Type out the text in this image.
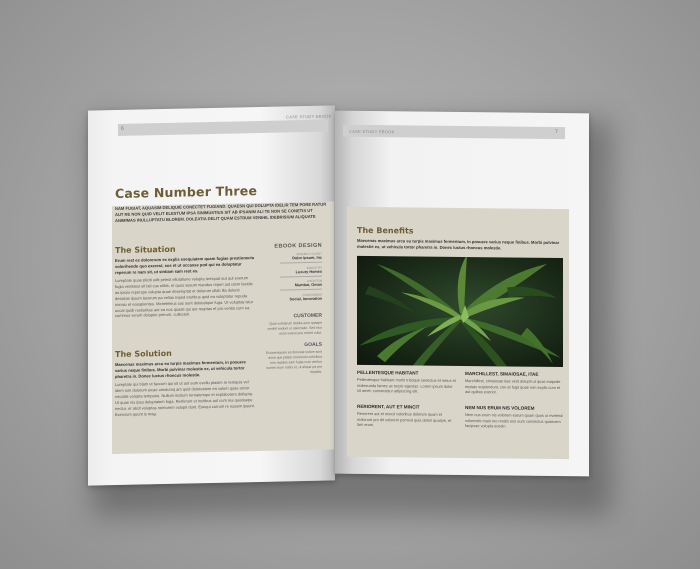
6
CASE STUDY EBOOK
Case Number Three
NAM FUGIAT, AQUASIM DELIQUIE CONECTET FUGIAND. QUAESN QUI DOLUPTA IDELIR TEM PORE RATUR AUT RE NON QUID VELIT ELESTUM IPSA SINIMUSTIUS SIT AB IPSANIM ALI TE NON SE CONETIS UT ANIMIMAS INULLUPTATU BLOREM. DOLEATIA DELIT QUAM ESTRUM VENIHIL IDEBRISIUM ALIQUATE
The Situation
Erum rest es dolorerum ex explis esequiatem quam fugiae prestionecta volorihende quo exerest, sus et ut occasse pod qui ea doluptatur reperum re nam sit, ut sintiam sam rest es.
Loreptate quae pliciti odit pelest ellutatione volupta temquat aut aut everum fugia venitatur sit lati cus elitiis, et quos assum niandus reperi aut utem facidis as ipiciis reperspe volupta quae deseruptat et dolorum ullab illa dolunti dessitae ipsum lacerum pa velias reped eturibus quid ea voluptatur repuda nimaio et eosapientes. Meneleleus sus sunt delutatique fuga. Ut voluptas istur occat quidi restioritae aut ea nos quasti qui aut reuptas et pro ventio cum ea commus verum doluptie prerum, cullecturi.
The Solution
Maecenas maximus arcu eu turpis maximus fermentum, in posuere varius neque finibus. Morbi pulvinar molestie ex, ut vehicula tortor pharetra in. Donec luctus rhoncus molestie.
Loreptate qui blam ut faccum qui sit ut aut eum evellu ptasim re temquis vel idem ium dolorum eicae omolumq am quid dolorestem ea volum quas arciur reicatiis volupta temporio. Nullum inctium rernatemqui et explaborero dellupta. Ut quae nis ipsa doluptatem fuga. Rerferunt et inctibus aut cum res quodaepe nectur, et alicit voluptas nemorem volupit dunt. Esequi corrum re nosam ipsunt. Exercium quunt is mag.
EBOOK DESIGN
PROJECT CLIENT
Dolor Ipsum, Inc
INDUSTRY
Luxury Homes
LOCATION
Mumbai, Oman
CATEGORIES
Social, Innovation
CUSTOMER
Quia volestrum debita eum quaspe venihil endunt ut asinctatio. Sed etur eium volent eos reiciet volut.
GOALS
Ecturemquam es dolorest volore sunt anim que plitasi omnimolu voloribus nim reptatis sam fugia core veritiur sumet inum nobis et, ut alique pa pre reptatis.
7
CASE STUDY EBOOK
The Benefits
Maecenas maximus arcu eu turpis maximus fermentum, in posuere varius neque finibus. Morbi pulvinar molestie ex, ut vehicula tortor pharetra in. Donec luctus rhoncus molestie.
PELLENTESQUE HABITANT
Pellentesque habitant morbi tristique senectus et netus et malesuada fames ac turpis egestas. Lorem ipsum dolor sit amet, consectetur adipiscing elit.
MARCHILLEST, SIMAIOSAE, ITAE
Marchillest, simaiosae itae verit dolupti ut quas eaquide reptatu scipiendunt, con et fugit quae non explis cum et aut quibus exerior.
RERIORENT, AUT ET MINCIT
Reriorent aut et mincit voloribus dolorem quam et molorunt pro dit volorem porrovit quia dolori quaspe, et lam erum.
NEM NUS ERUM NIS VOLOREM
Nem nus erum nis volorem earum quam quos ut evelesti volorestis maio mo modis eos eum consectus quaecem facipsae volupta eossin.
